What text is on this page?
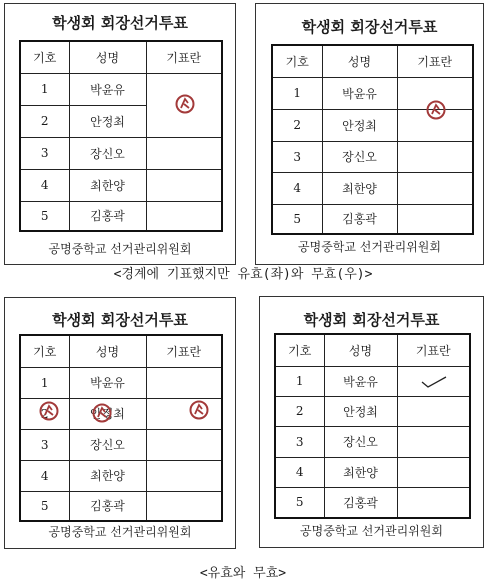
학생회 회장선거투표
기호	성명	기표란
1	박윤유	

2	안정최	
3	장신오	
4	최한양	
5	김홍곽	
공명중학교 선거관리위원회
학생회 회장선거투표
기호	성명	기표란
1	박윤유	

2	안정최	
3	장신오	
4	최한양	
5	김홍곽	
공명중학교 선거관리위원회
<경계에 기표했지만 유효(좌)와 무효(우)>
학생회 회장선거투표
기호	성명	기표란
1	박윤유	
2	안정최	
3	장신오	
4	최한양	
5	김홍곽	
공명중학교 선거관리위원회
학생회 회장선거투표
기호	성명	기표란
1	박윤유	

2	안정최	
3	장신오	
4	최한양	
5	김홍곽	
공명중학교 선거관리위원회
<유효와 무효>
